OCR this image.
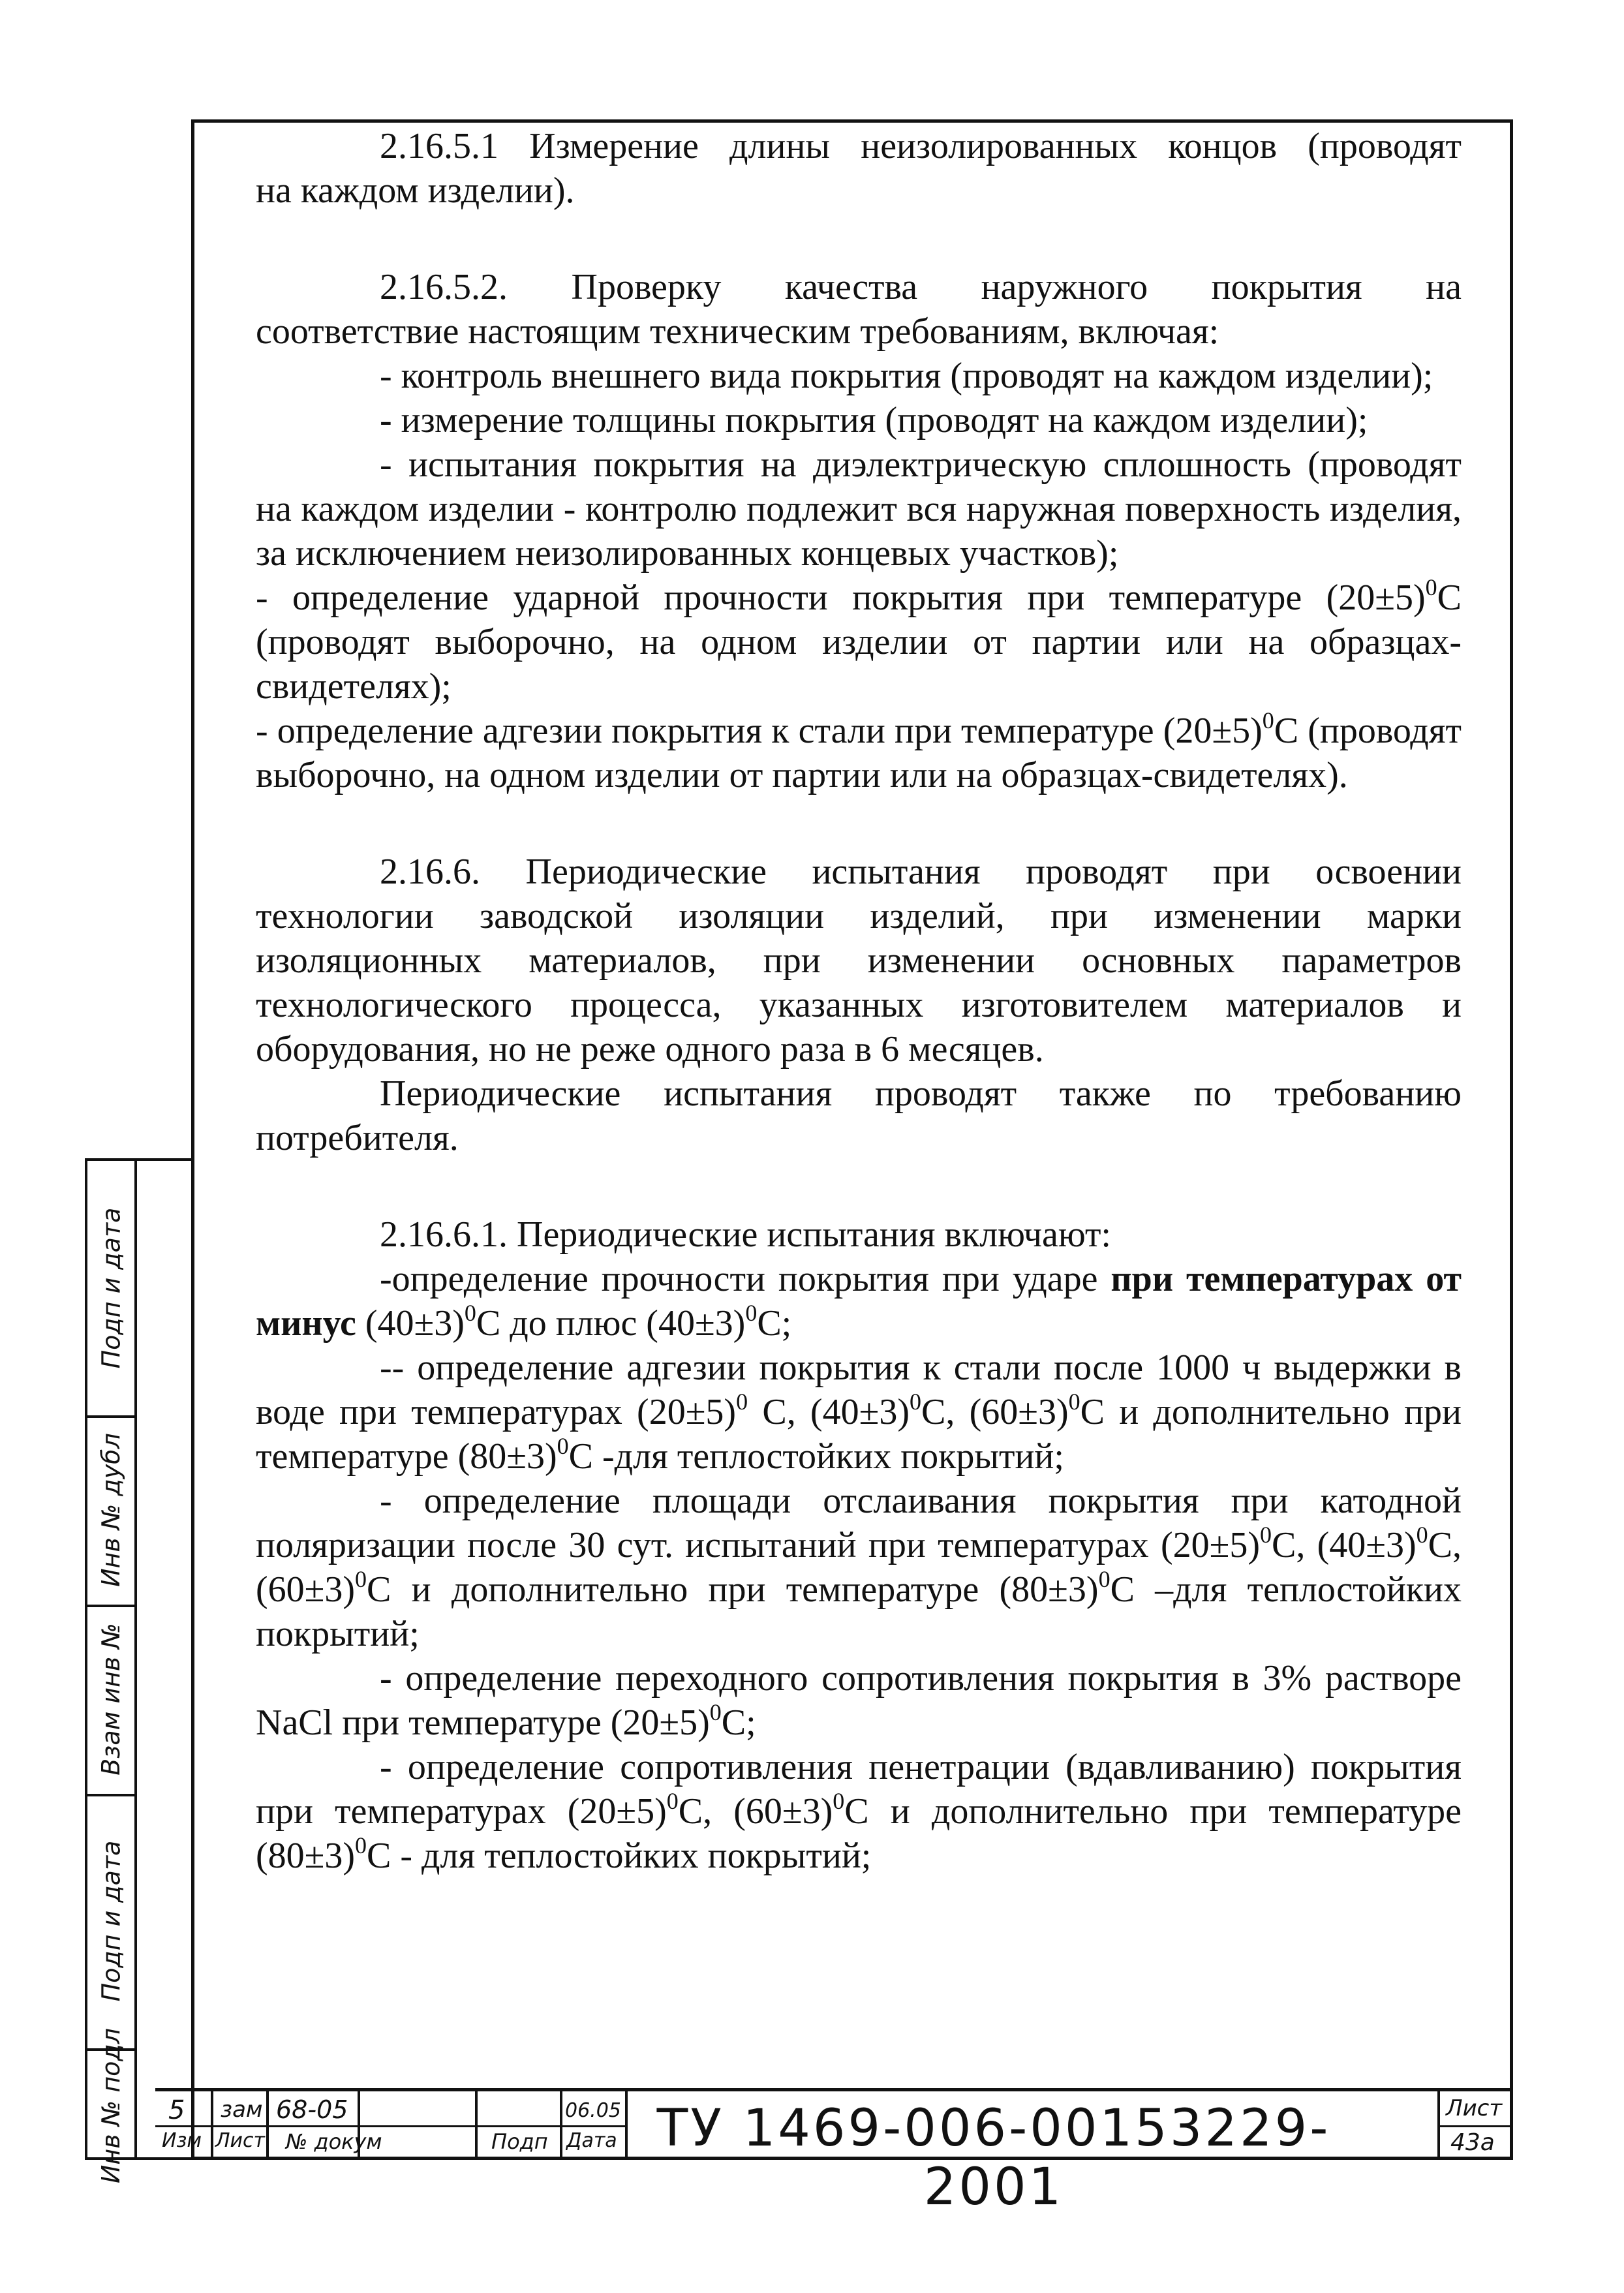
2.16.5.1 Измерение длины неизолированных концов (проводят

на каждом изделии).

2.16.5.2. Проверку качества наружного покрытия на

соответствие настоящим техническим требованиям, включая:

- контроль внешнего вида покрытия (проводят на каждом изделии);

- измерение толщины покрытия (проводят на каждом изделии);

- испытания покрытия на диэлектрическую сплошность (проводят на каждом изделии - контролю подлежит вся наружная поверхность изделия, за исключением неизолированных концевых участков);

- определение ударной прочности покрытия при температуре $(20\pm 5)^0С$ (проводят выборочно, на одном изделии от партии или на образцах-свидетелях);

- определение адгезии покрытия к стали при температуре $(20\pm 5)^0С$ (проводят выборочно, на одном изделии от партии или на образцах-свидетелях).

2.16.6. Периодические испытания проводят при освоении технологии заводской изоляции изделий, при изменении марки изоляционных материалов, при изменении основных параметров технологического процесса, указанных изготовителем материалов и оборудования, но не реже одного раза в 6 месяцев.

Периодические испытания проводят также по требованию потребителя.

2.16.6.1. Периодические испытания включают:

-определение прочности покрытия при ударе при температурах от минус $(40\pm 3)^0С$ до плюс $(40\pm 3)^0С$;

-- определение адгезии покрытия к стали после 1000 ч выдержки в воде при температурах $(20\pm 5)^0$ С, $(40\pm 3)^0С$, $(60\pm 3)^0С$ и дополнительно при температуре $(80\pm 3)^0С$ -для теплостойких покрытий;

- определение площади отслаивания покрытия при катодной поляризации после 30 сут. испытаний при температурах $(20\pm 5)^0С$, $(40\pm 3)^0С$, $(60\pm 3)^0С$ и дополнительно при температуре $(80\pm 3)^0С$ –для теплостойких покрытий;

- определение переходного сопротивления покрытия в 3% растворе NaCl при температуре $(20\pm 5)^0С$;

- определение сопротивления пенетрации (вдавливанию) покрытия при температурах $(20\pm 5)^0С$, $(60\pm 3)^0С$ и дополнительно при температуре $(80\pm 3)^0С$ - для теплостойких покрытий;

Подп и дата
Инв № дубл
Взам инв №
Подп и дата
Инв № подл 5 зам 68-05	06.05
Изм Лист № докум	Подп Дата ТУ 1469-006-00153229-2001
Лист
43а
